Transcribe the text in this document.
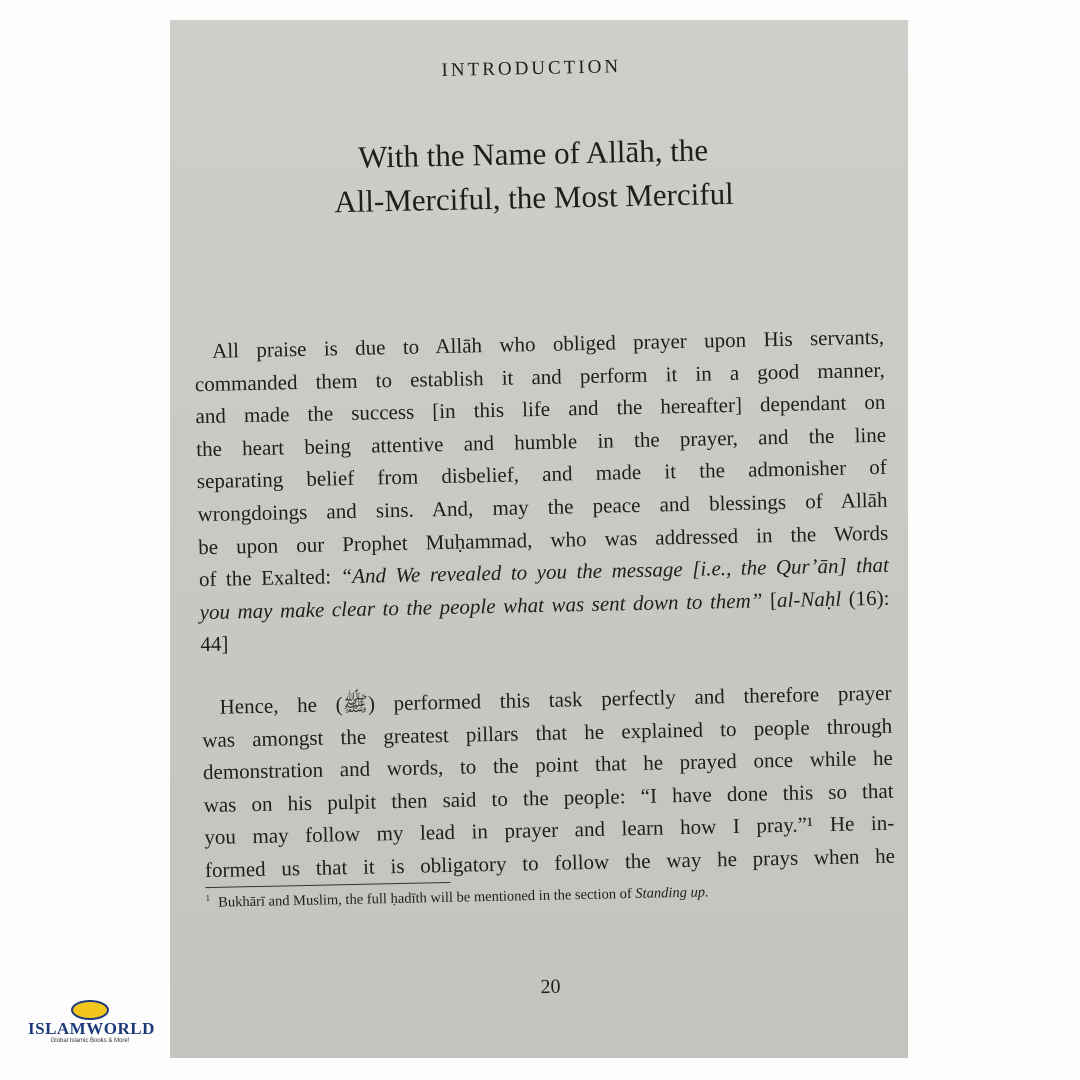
INTRODUCTION
With the Name of Allāh, the
All-Merciful, the Most Merciful
All praise is due to Allāh who obliged prayer upon His servants,
commanded them to establish it and perform it in a good manner,
and made the success [in this life and the hereafter] dependant on
the heart being attentive and humble in the prayer, and the line
separating belief from disbelief, and made it the admonisher of
wrongdoings and sins. And, may the peace and blessings of Allāh
be upon our Prophet Muḥammad, who was addressed in the Words
of the Exalted: “And We revealed to you the message [i.e., the Qur’ān] that
you may make clear to the people what was sent down to them” [al-Naḥl (16):
44]
Hence, he (ﷺ) performed this task perfectly and therefore prayer
was amongst the greatest pillars that he explained to people through
demonstration and words, to the point that he prayed once while he
was on his pulpit then said to the people: “I have done this so that
you may follow my lead in prayer and learn how I pray.”¹ He in-
formed us that it is obligatory to follow the way he prays when he
$^1$ Bukhārī and Muslim, the full ḥadīth will be mentioned in the section of Standing up.
20
ISLAMWORLD
Global Islamic Books & More!
